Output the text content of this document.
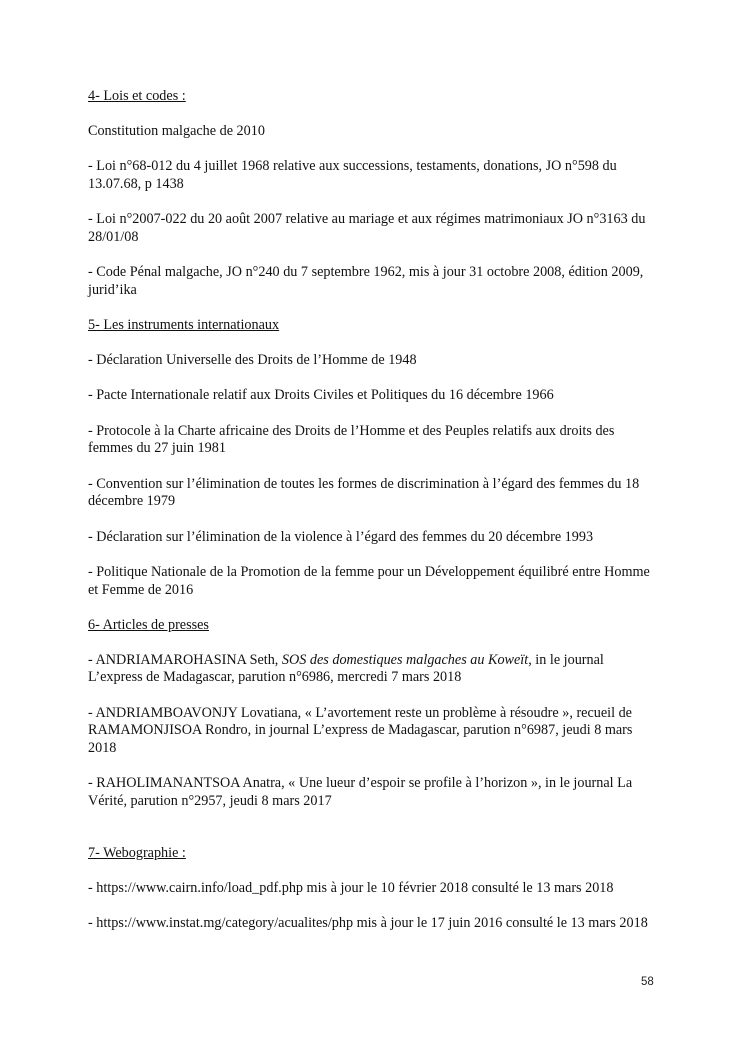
4- Lois et codes :
Constitution malgache de 2010
- Loi n°68-012 du 4 juillet 1968 relative aux successions, testaments, donations, JO n°598 du 13.07.68, p 1438
- Loi n°2007-022 du 20 août 2007 relative au mariage et aux régimes matrimoniaux JO n°3163 du 28/01/08
- Code Pénal malgache, JO n°240 du 7 septembre 1962, mis à jour 31 octobre 2008, édition 2009, jurid’ika
5- Les instruments internationaux
- Déclaration Universelle des Droits de l’Homme de 1948
- Pacte Internationale relatif aux Droits Civiles et Politiques du 16 décembre 1966
- Protocole à la Charte africaine des Droits de l’Homme et des Peuples relatifs aux droits des femmes du 27 juin 1981
- Convention sur l’élimination de toutes les formes de discrimination à l’égard des femmes du 18 décembre 1979
- Déclaration sur l’élimination de la violence à l’égard des femmes du 20 décembre 1993
- Politique Nationale de la Promotion de la femme pour un Développement équilibré entre Homme et Femme de 2016
6- Articles de presses
- ANDRIAMAROHASINA Seth, SOS des domestiques malgaches au Koweït, in le journal L’express de Madagascar, parution n°6986, mercredi 7 mars 2018
- ANDRIAMBOAVONJY Lovatiana, « L’avortement reste un problème à résoudre », recueil de RAMAMONJISOA Rondro, in journal L’express de Madagascar, parution n°6987, jeudi 8 mars 2018
- RAHOLIMANANTSOA Anatra, « Une lueur d’espoir se profile à l’horizon », in le journal La Vérité, parution n°2957, jeudi 8 mars 2017
7- Webographie :
- https://www.cairn.info/load_pdf.php mis à jour le 10 février 2018 consulté le 13 mars 2018
- https://www.instat.mg/category/acualites/php mis à jour le 17 juin 2016 consulté le 13 mars 2018
58
